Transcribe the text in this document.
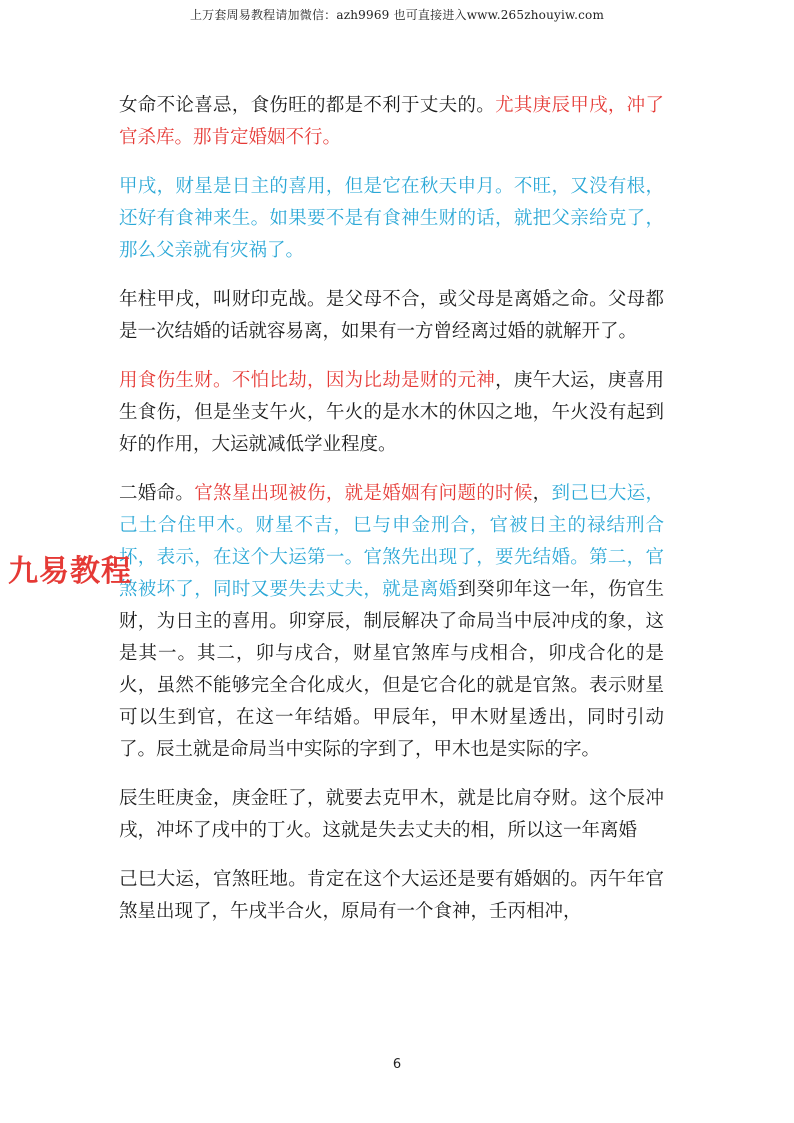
上万套周易教程请加微信：azh9969 也可直接进入www.265zhouyiw.com

女命不论喜忌，食伤旺的都是不利于丈夫的。尤其庚辰甲戌，冲了官杀库。那肯定婚姻不行。

甲戌，财星是日主的喜用，但是它在秋天申月。不旺，又没有根，还好有食神来生。如果要不是有食神生财的话，就把父亲给克了，那么父亲就有灾祸了。

年柱甲戌，叫财印克战。是父母不合，或父母是离婚之命。父母都是一次结婚的话就容易离，如果有一方曾经离过婚的就解开了。

用食伤生财。不怕比劫，因为比劫是财的元神，庚午大运，庚喜用生食伤，但是坐支午火，午火的是水木的休囚之地，午火没有起到好的作用，大运就减低学业程度。

二婚命。官煞星出现被伤，就是婚姻有问题的时候，到己巳大运，己土合住甲木。财星不吉，巳与申金刑合，官被日主的禄结刑合坏，表示，在这个大运第一。官煞先出现了，要先结婚。第二，官煞被坏了，同时又要失去丈夫，就是离婚到癸卯年这一年，伤官生财，为日主的喜用。卯穿辰，制辰解决了命局当中辰冲戌的象，这是其一。其二，卯与戌合，财星官煞库与戌相合，卯戌合化的是火，虽然不能够完全合化成火，但是它合化的就是官煞。表示财星可以生到官，在这一年结婚。甲辰年，甲木财星透出，同时引动了。辰土就是命局当中实际的字到了，甲木也是实际的字。

辰生旺庚金，庚金旺了，就要去克甲木，就是比肩夺财。这个辰冲戌，冲坏了戌中的丁火。这就是失去丈夫的相，所以这一年离婚

己巳大运，官煞旺地。肯定在这个大运还是要有婚姻的。丙午年官煞星出现了，午戌半合火，原局有一个食神，壬丙相冲，

九易教程
6
